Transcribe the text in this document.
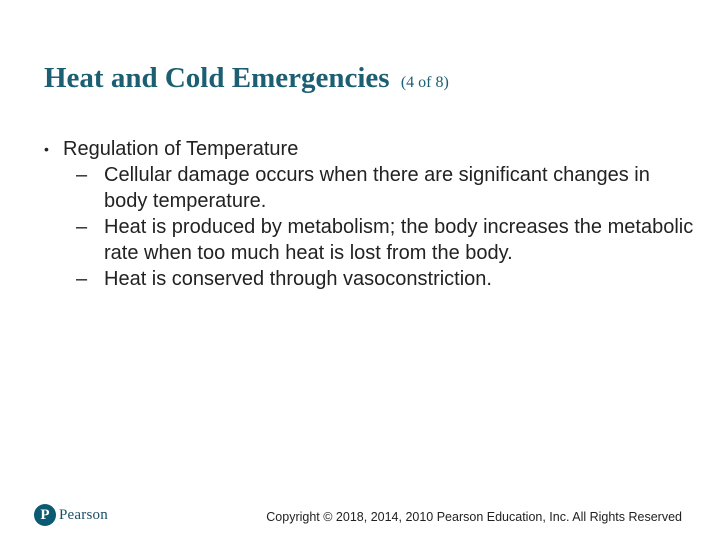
Heat and Cold Emergencies (4 of 8)
• Regulation of Temperature
– Cellular damage occurs when there are significant changes in body temperature.
– Heat is produced by metabolism; the body increases the metabolic rate when too much heat is lost from the body.
– Heat is conserved through vasoconstriction.
P Pearson	Copyright © 2018, 2014, 2010 Pearson Education, Inc. All Rights Reserved
